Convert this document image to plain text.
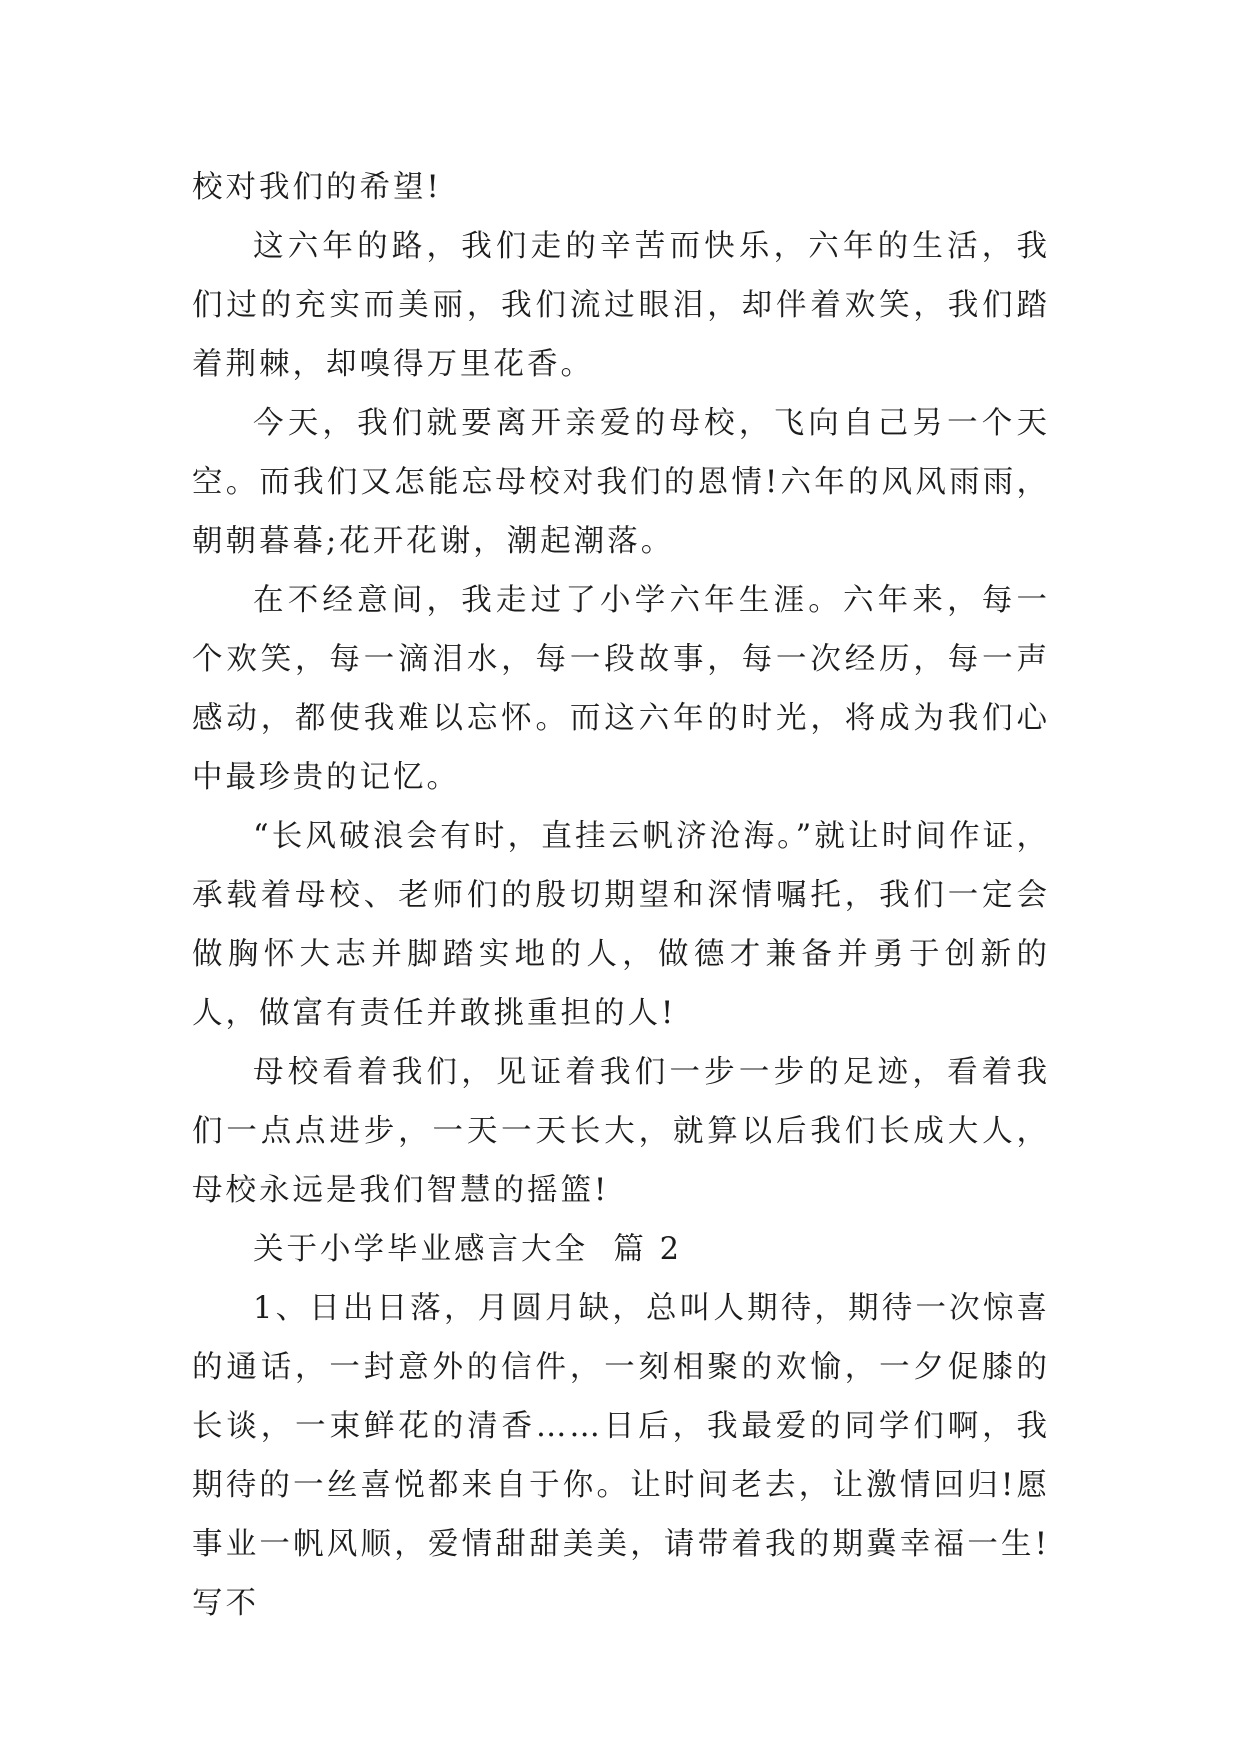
校对我们的希望!

这六年的路，我们走的辛苦而快乐，六年的生活，我们过的充实而美丽，我们流过眼泪，却伴着欢笑，我们踏着荆棘，却嗅得万里花香。

今天，我们就要离开亲爱的母校，飞向自己另一个天空。而我们又怎能忘母校对我们的恩情!六年的风风雨雨，朝朝暮暮;花开花谢，潮起潮落。

在不经意间，我走过了小学六年生涯。六年来，每一个欢笑，每一滴泪水，每一段故事，每一次经历，每一声感动，都使我难以忘怀。而这六年的时光，将成为我们心中最珍贵的记忆。

“长风破浪会有时，直挂云帆济沧海。”就让时间作证，承载着母校、老师们的殷切期望和深情嘱托，我们一定会做胸怀大志并脚踏实地的人，做德才兼备并勇于创新的人，做富有责任并敢挑重担的人!

母校看着我们，见证着我们一步一步的足迹，看着我们一点点进步，一天一天长大，就算以后我们长成大人，母校永远是我们智慧的摇篮!

关于小学毕业感言大全  篇 2

1、日出日落，月圆月缺，总叫人期待，期待一次惊喜的通话，一封意外的信件，一刻相聚的欢愉，一夕促膝的长谈，一束鲜花的清香……日后，我最爱的同学们啊，我期待的一丝喜悦都来自于你。让时间老去，让激情回归!愿事业一帆风顺，爱情甜甜美美，请带着我的期冀幸福一生!写不
